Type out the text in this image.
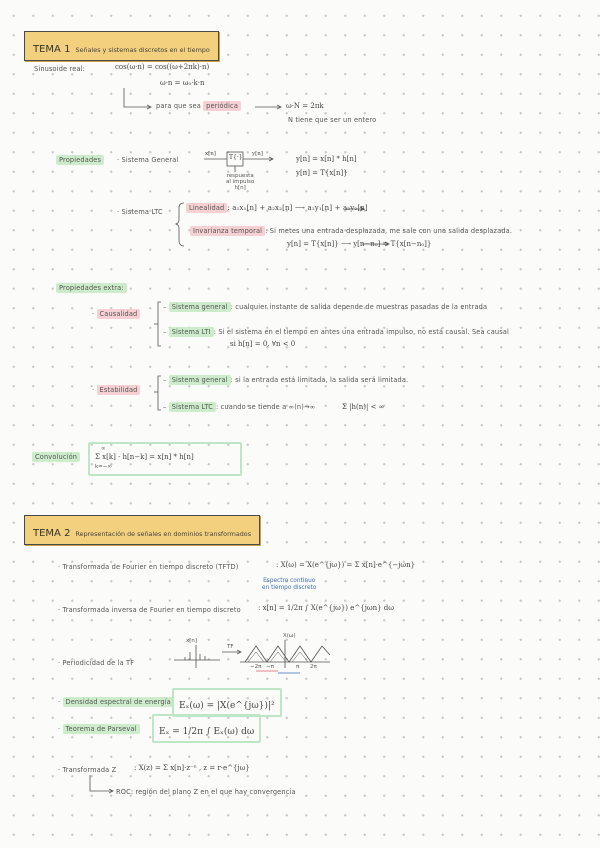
TEMA 1 Señales y sistemas discretos en el tiempo
Sinusoide real:	cos(ω·n) = cos((ω+2πk)·n)
ω·n = ω₀·k·n
para que sea periódica	ω·N = 2πk
N tiene que ser un entero
Propiedades	· Sistema General
x[n] T{·} y[n]
respuesta
al impulso
h[n]
y[n] = x[n] * h[n]
y[n] = T{x[n]}
· Sistema LTC	Linealidad : a₁x₁[n] + a₂x₂[n] ⟶ a₁y₁[n] + a₂y₂[n]
Invarianza temporal : Si metes una entrada desplazada, me sale con una salida desplazada.
y[n] = T{x[n]} ⟶ y[n−n₀] = T{x[n−n₀]}
Propiedades extra:
· Causalidad
– Sistema general : cualquier instante de salida depende de muestras pasadas de la entrada
– Sistema LTI : Si el sistema en el tiempo en antes una entrada impulso, no está causal. Sea causal
si h[n] = 0, ∀n < 0
· Estabilidad
– Sistema general : si la entrada está limitada, la salida será limitada.
– Sistema LTC : cuando se tiende a ∞(n)→∞	Σ |h(n)| < ∞
Convolución
∞
Σ x[k] · h[n−k] = x[n] * h[n]
k=−∞
TEMA 2 Representación de señales en dominios transformados
· Transformada de Fourier en tiempo discreto (TFTD)	: X(ω) = X(e^{jω}) = Σ x[n]·e^{−jωn}
Espectro continuo
en tiempo discreto
· Transformada inversa de Fourier en tiempo discreto : x[n] = 1/2π ∫ X(e^{jω}) e^{jωn} dω
· Periodicidad de la TF
x[n]
TF
X(ω)
−2π −π	π 2π
· Densidad espectral de energía Eₓ(ω) = |X(e^{jω})|²
· Teorema de Parseval	Eₓ = 1/2π ∫ Eₓ(ω) dω
· Transformada Z	: X(z) = Σ x[n]·z⁻ⁿ , z = r·e^{jω}
ROC: región del plano Z en el que hay convergencia
